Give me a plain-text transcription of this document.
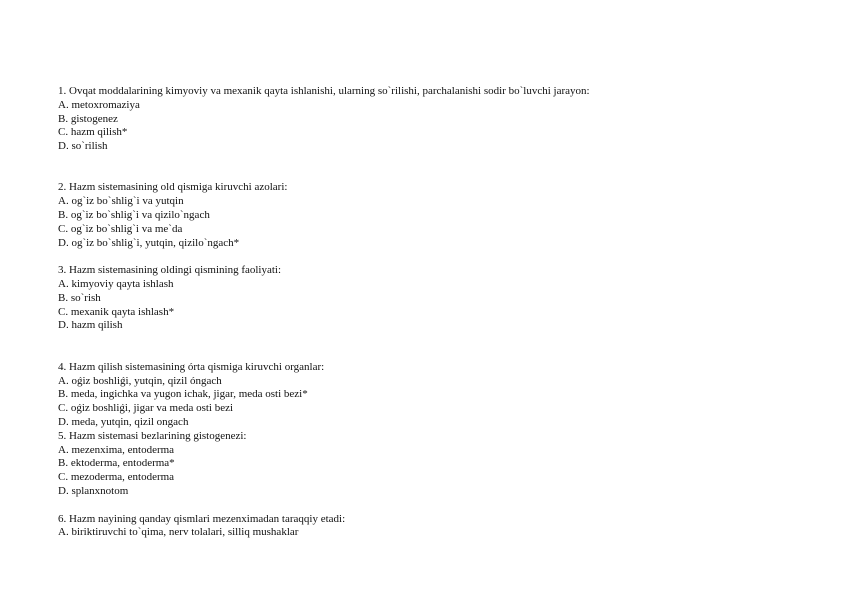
1. Ovqat moddalarining kimyoviy va mexanik qayta ishlanishi, ularning so`rilishi, parchalanishi sodir bo`luvchi jarayon:
A. metoxromaziya
B. gistogenez
C. hazm qilish*
D. so`rilish
2. Hazm sistemasining old qismiga kiruvchi azolari:
A. og`iz bo`shlig`i va yutqin
B. og`iz bo`shlig`i va qizilo`ngach
C. og`iz bo`shlig`i va me`da
D. og`iz bo`shlig`i, yutqin, qizilo`ngach*
3. Hazm sistemasining oldingi qismining faoliyati:
A. kimyoviy qayta ishlash
B. so`rish
C. mexanik qayta ishlash*
D. hazm qilish
4. Hazm qilish sistemasining órta qismiga kiruvchi organlar:
A. oǵiz boshliǵi, yutqin, qizil óngach
B. meda, ingichka va yugon ichak, jigar, meda osti bezi*
C. oǵiz boshliǵi, jigar va meda osti bezi
D. meda, yutqin, qizil ongach
5. Hazm sistemasi bezlarining gistogenezi:
A. mezenxima, entoderma
B. ektoderma, entoderma*
C. mezoderma, entoderma
D. splanxnotom
6. Hazm nayining qanday qismlari mezenximadan taraqqiy etadi:
A. biriktiruvchi to`qima, nerv tolalari, silliq mushaklar
